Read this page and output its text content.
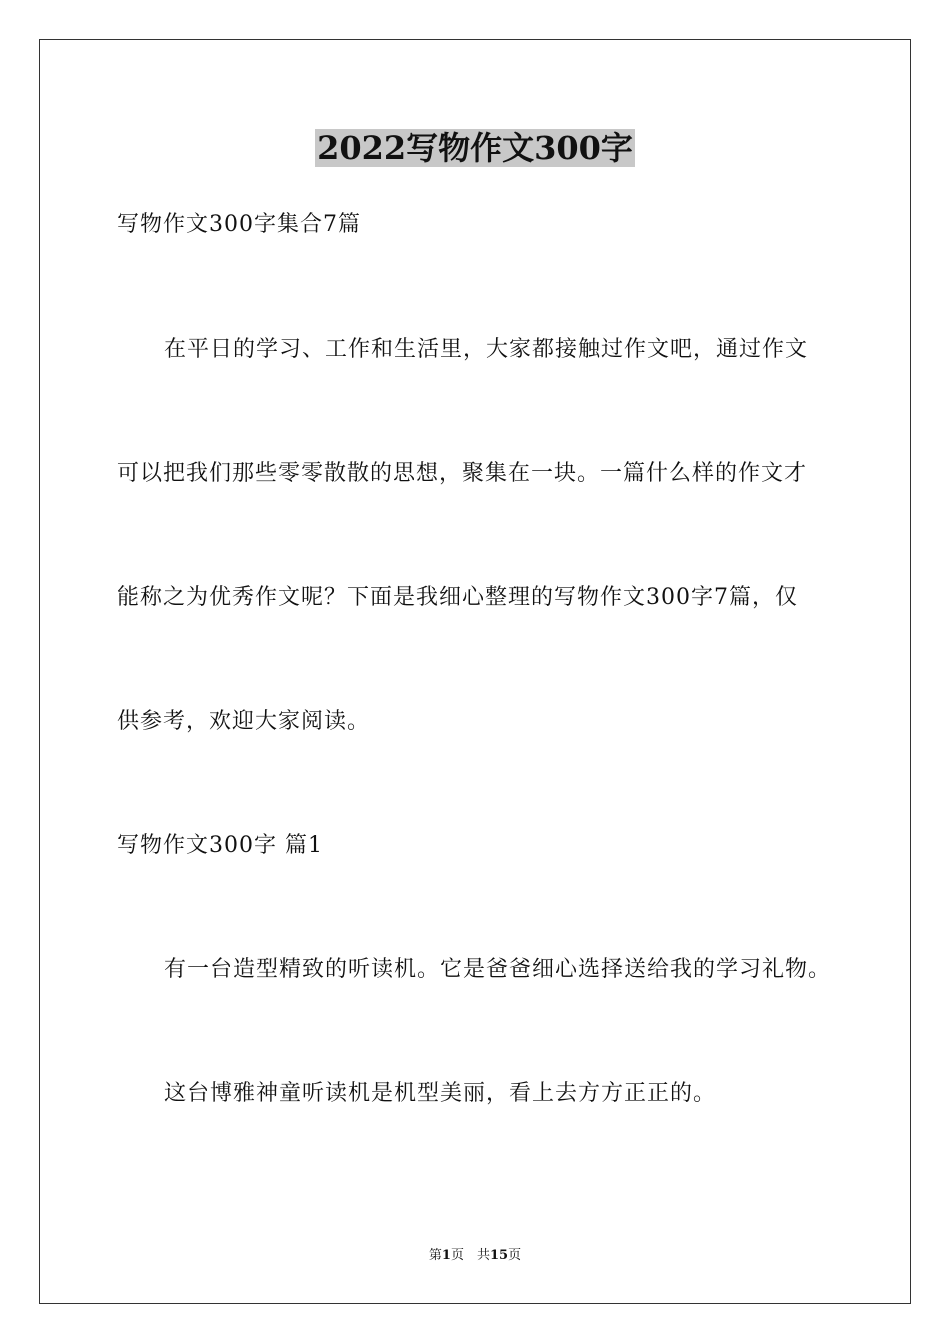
2022写物作文300字
写物作文300字集合7篇
在平日的学习、工作和生活里，大家都接触过作文吧，通过作文
可以把我们那些零零散散的思想，聚集在一块。一篇什么样的作文才
能称之为优秀作文呢？下面是我细心整理的写物作文300字7篇，仅
供参考，欢迎大家阅读。
写物作文300字 篇1
有一台造型精致的听读机。它是爸爸细心选择送给我的学习礼物。
这台博雅神童听读机是机型美丽，看上去方方正正的。
第1页　共15页
